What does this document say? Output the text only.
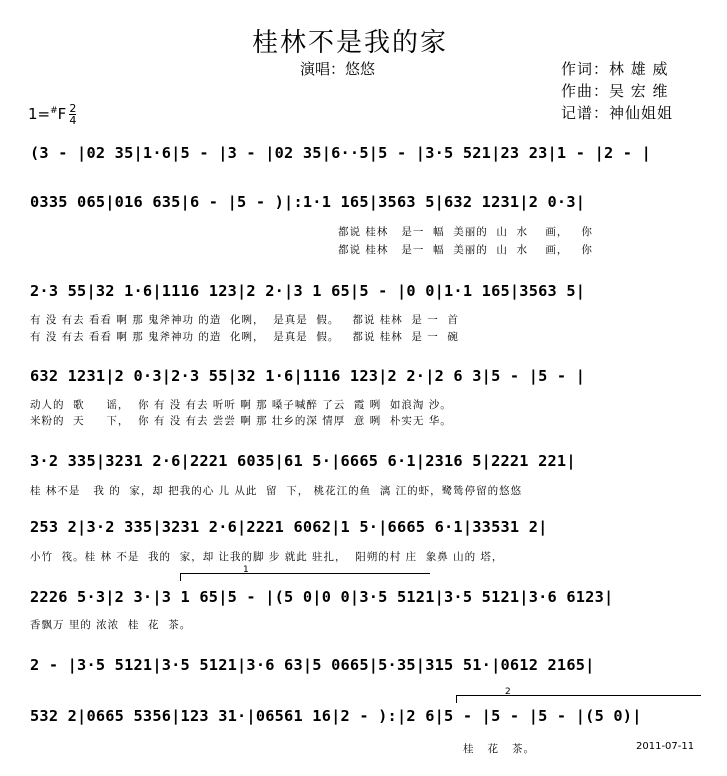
桂林不是我的家
演唱：悠悠	作词：林 雄 威
作曲：吴 宏 维
记谱：神仙姐姐
$1=^{\#}F \frac{2}{4}$
(3 - |02 35|1·6|5 - |3 - |02 35|6··5|5 - |3·5 521|23 23|1 - |2 - |
0335 065|016 635|6 - |5 - )|:1·1 165|3563 5|632 1231|2 0·3|
都说 桂林   是一  幅  美丽的  山  水    画，   你
都说 桂林   是一  幅  美丽的  山  水    画，   你
2·3 55|32 1·6|1116 123|2 2·|3 1 65|5 - |0 0|1·1 165|3563 5|
有 没 有去 看看 啊 那 鬼斧神功 的造  化咧，  是真是  假。   都说 桂林  是 一  首
有 没 有去 看看 啊 那 鬼斧神功 的造  化咧，  是真是  假。   都说 桂林  是 一  碗
632 1231|2 0·3|2·3 55|32 1·6|1116 123|2 2·|2 6 3|5 - |5 - |
动人的  歌     谣，  你 有 没 有去 听听 啊 那 嗓子喊醉 了云  霞 咧  如浪淘 沙。
米粉的  天     下，  你 有 没 有去 尝尝 啊 那 壮乡的深 情厚  意 咧  朴实无 华。
3·2 335|3231 2·6|2221 6035|61 5·|6665 6·1|2316 5|2221 221|
桂 林不是   我 的  家，却 把我的心 儿 从此  留  下， 桃花江的鱼  漓 江的虾，鹭鸶停留的悠悠
253 2|3·2 335|3231 2·6|2221 6062|1 5·|6665 6·1|33531 2|
小竹  筏。桂 林 不是  我的  家，却 让我的脚 步 就此 驻扎，  阳朔的村 庄  象鼻 山的 塔，
1
2226 5·3|2 3·|3 1 65|5 - |(5 0|0 0|3·5 5121|3·5 5121|3·6 6123|
香飘万 里的 浓浓  桂  花  茶。
2 - |3·5 5121|3·5 5121|3·6 63|5 0665|5·35|315 51·|0612 2165|
2
532 2|0665 5356|123 31·|06561 16|2 - ):|2 6|5 - |5 - |5 - |(5 0)|
桂   花   茶。	2011-07-11
